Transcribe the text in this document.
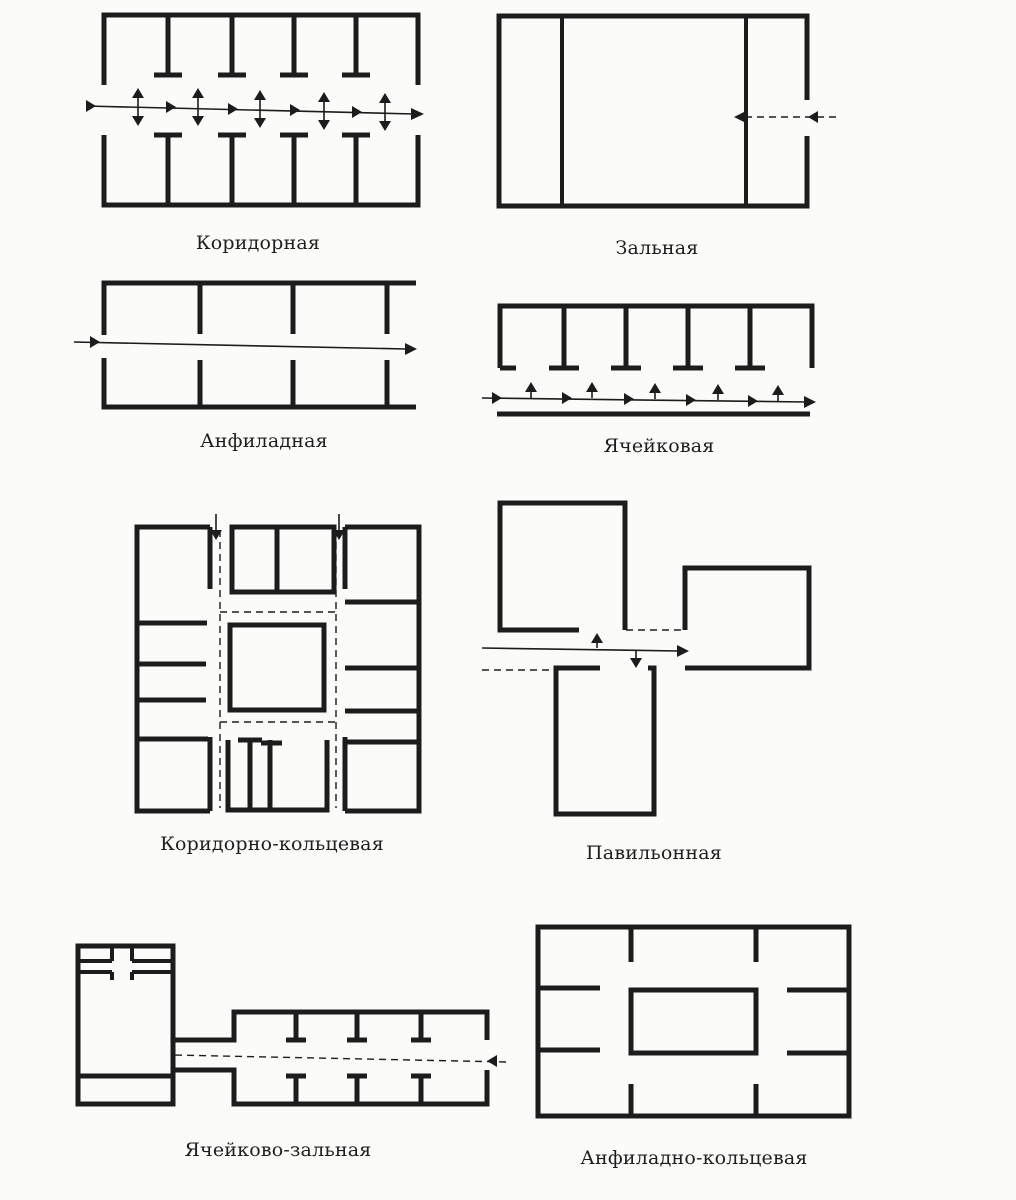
Коридорная	Зальная
Анфиладная	Ячейковая
Коридорно-кольцевая	Павильонная
Ячейково-зальная	Анфиладно-кольцевая
